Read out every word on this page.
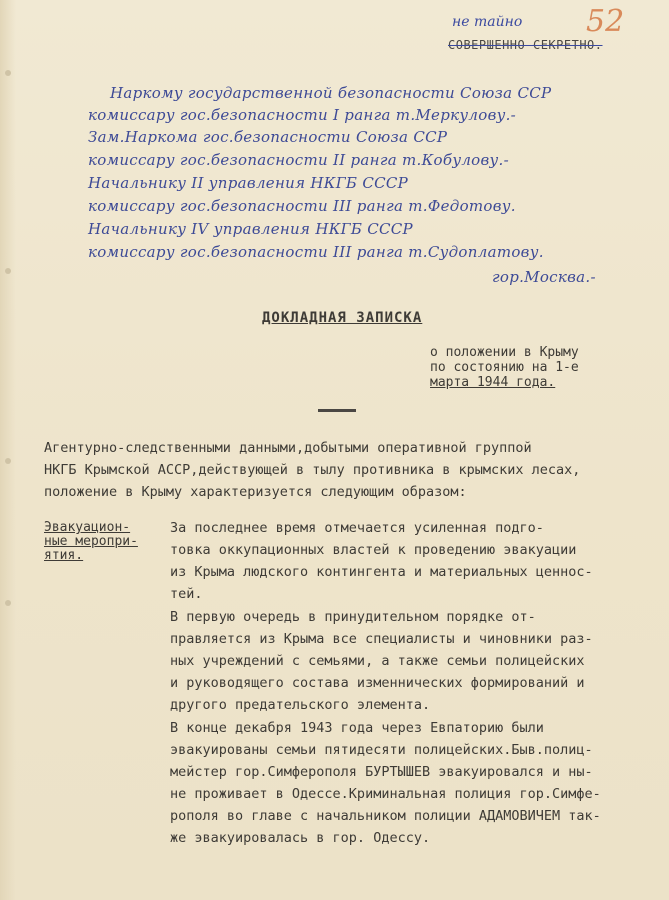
не тайно 52
СОВЕРШЕННО СЕКРЕТНО.
Наркому государственной безопасности Союза ССР
комиссару гос.безопасности I ранга т.Меркулову.-
Зам.Наркома гос.безопасности Союза ССР
комиссару гос.безопасности II ранга т.Кобулову.-
Начальнику II управления НКГБ СССР
комиссару гос.безопасности III ранга т.Федотову.
Начальнику IV управления НКГБ СССР
комиссару гос.безопасности III ранга т.Судоплатову.
гор.Москва.-
ДОКЛАДНАЯ ЗАПИСКА
о положении в Крыму
по состоянию на 1-е
марта 1944 года.
Агентурно-следственными данными,добытыми оперативной группой
НКГБ Крымской АССР,действующей в тылу противника в крымских лесах,
положение в Крыму характеризуется следующим образом:
Эвакуацион-
ные меропри-
ятия.
За последнее время отмечается усиленная подго-
товка оккупационных властей к проведению эвакуации
из Крыма людского контингента и материальных ценнос-
тей.
В первую очередь в принудительном порядке от-
правляется из Крыма все специалисты и чиновники раз-
ных учреждений с семьями, а также семьи полицейских
и руководящего состава изменнических формирований и
другого предательского элемента.
В конце декабря 1943 года через Евпаторию были
эвакуированы семьи пятидесяти полицейских.Быв.полиц-
мейстер гор.Симферополя БУРТЫШЕВ эвакуировался и ны-
не проживает в Одессе.Криминальная полиция гор.Симфе-
рополя во главе с начальником полиции АДАМОВИЧЕМ так-
же эвакуировалась в гор. Одессу.
